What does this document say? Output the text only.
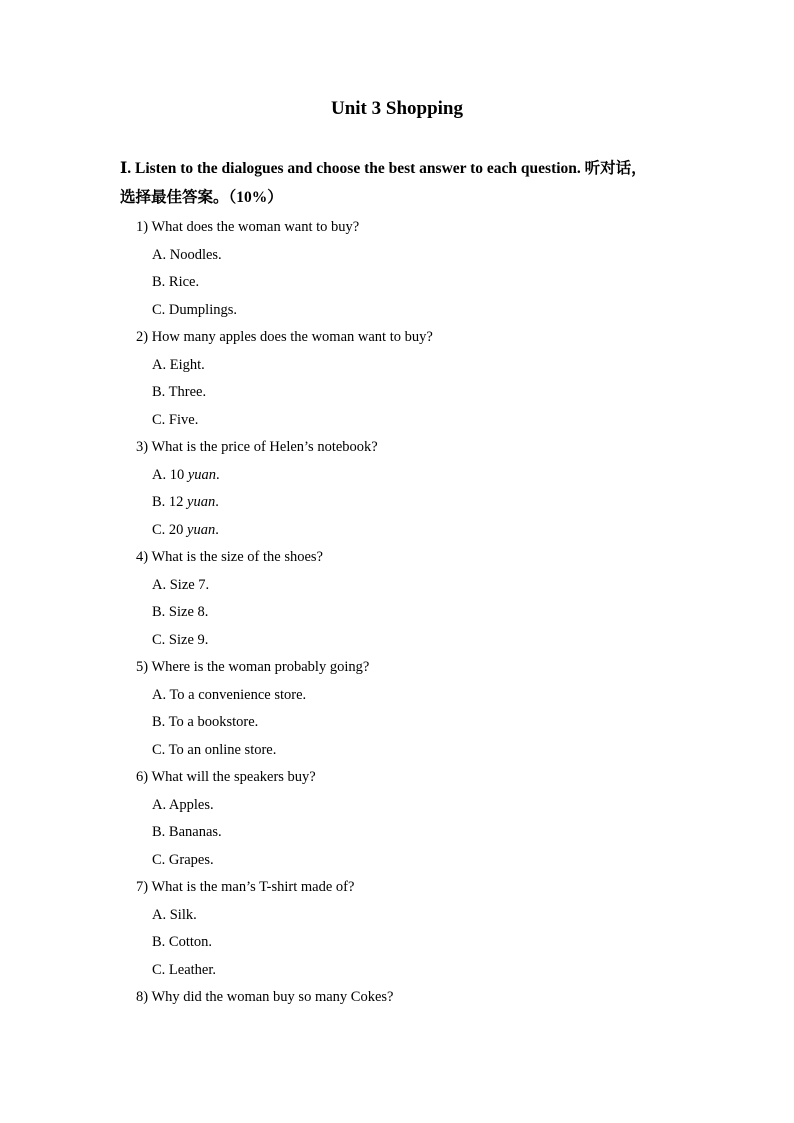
Unit 3 Shopping
Ⅰ. Listen to the dialogues and choose the best answer to each question. 听对话，

选择最佳答案。（10%）
1) What does the woman want to buy?
A. Noodles.
B. Rice.
C. Dumplings.
2) How many apples does the woman want to buy?
A. Eight.
B. Three.
C. Five.
3) What is the price of Helen’s notebook?
A. 10 yuan.
B. 12 yuan.
C. 20 yuan.
4) What is the size of the shoes?
A. Size 7.
B. Size 8.
C. Size 9.
5) Where is the woman probably going?
A. To a convenience store.
B. To a bookstore.
C. To an online store.
6) What will the speakers buy?
A. Apples.
B. Bananas.
C. Grapes.
7) What is the man’s T-shirt made of?
A. Silk.
B. Cotton.
C. Leather.
8) Why did the woman buy so many Cokes?
